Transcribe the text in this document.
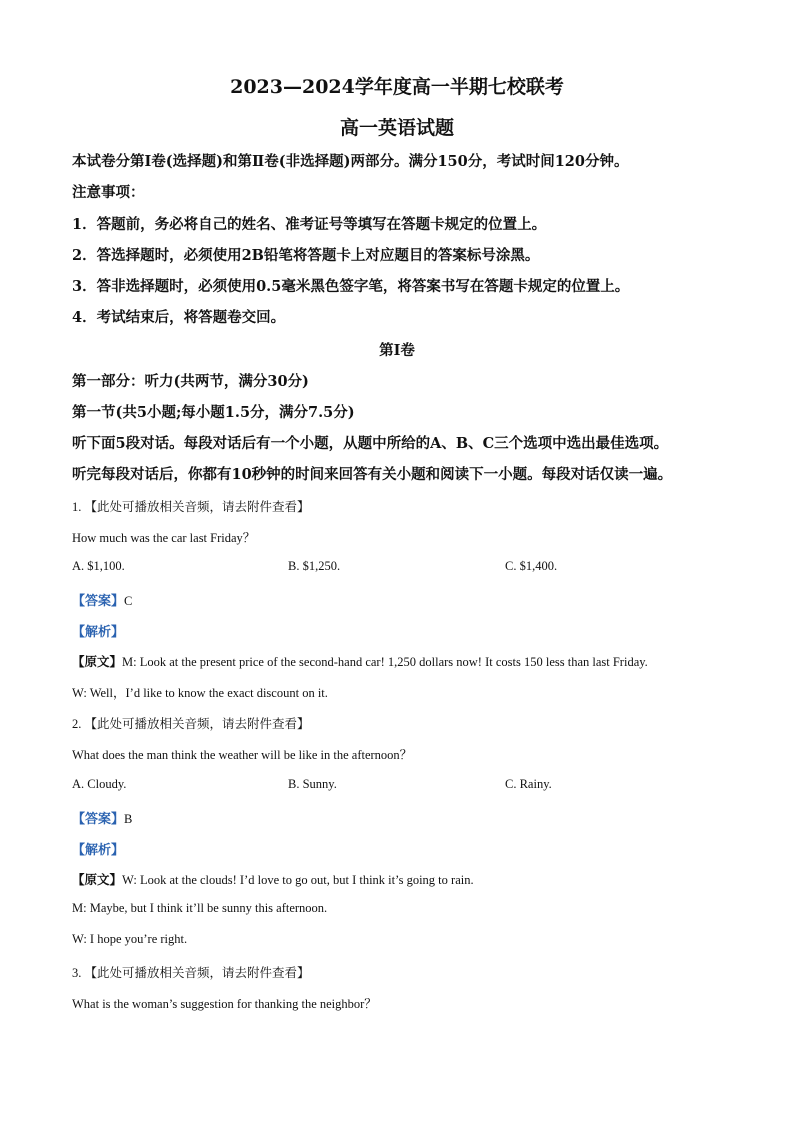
2023—2024学年度高一半期七校联考
高一英语试题
本试卷分第Ⅰ卷(选择题)和第Ⅱ卷(非选择题)两部分。满分150分，考试时间120分钟。
注意事项：
1．答题前，务必将自己的姓名、准考证号等填写在答题卡规定的位置上。
2．答选择题时，必须使用2B铅笔将答题卡上对应题目的答案标号涂黑。
3．答非选择题时，必须使用0.5毫米黑色签字笔，将答案书写在答题卡规定的位置上。
4．考试结束后，将答题卷交回。
第I卷
第一部分：听力(共两节，满分30分)
第一节(共5小题;每小题1.5分，满分7.5分)
听下面5段对话。每段对话后有一个小题，从题中所给的A、B、C三个选项中选出最佳选项。
听完每段对话后，你都有10秒钟的时间来回答有关小题和阅读下一小题。每段对话仅读一遍。
1. 【此处可播放相关音频，请去附件查看】
How much was the car last Friday？
A. $1,100.	B. $1,250.	C. $1,400.
【答案】C
【解析】
【原文】M: Look at the present price of the second-hand car! 1,250 dollars now! It costs 150 less than last Friday.
W: Well，I’d like to know the exact discount on it.
2. 【此处可播放相关音频，请去附件查看】
What does the man think the weather will be like in the afternoon？
A. Cloudy.	B. Sunny.	C. Rainy.
【答案】B
【解析】
【原文】W: Look at the clouds! I’d love to go out, but I think it’s going to rain.
M: Maybe, but I think it’ll be sunny this afternoon.
W: I hope you’re right.
3. 【此处可播放相关音频，请去附件查看】
What is the woman’s suggestion for thanking the neighbor？
